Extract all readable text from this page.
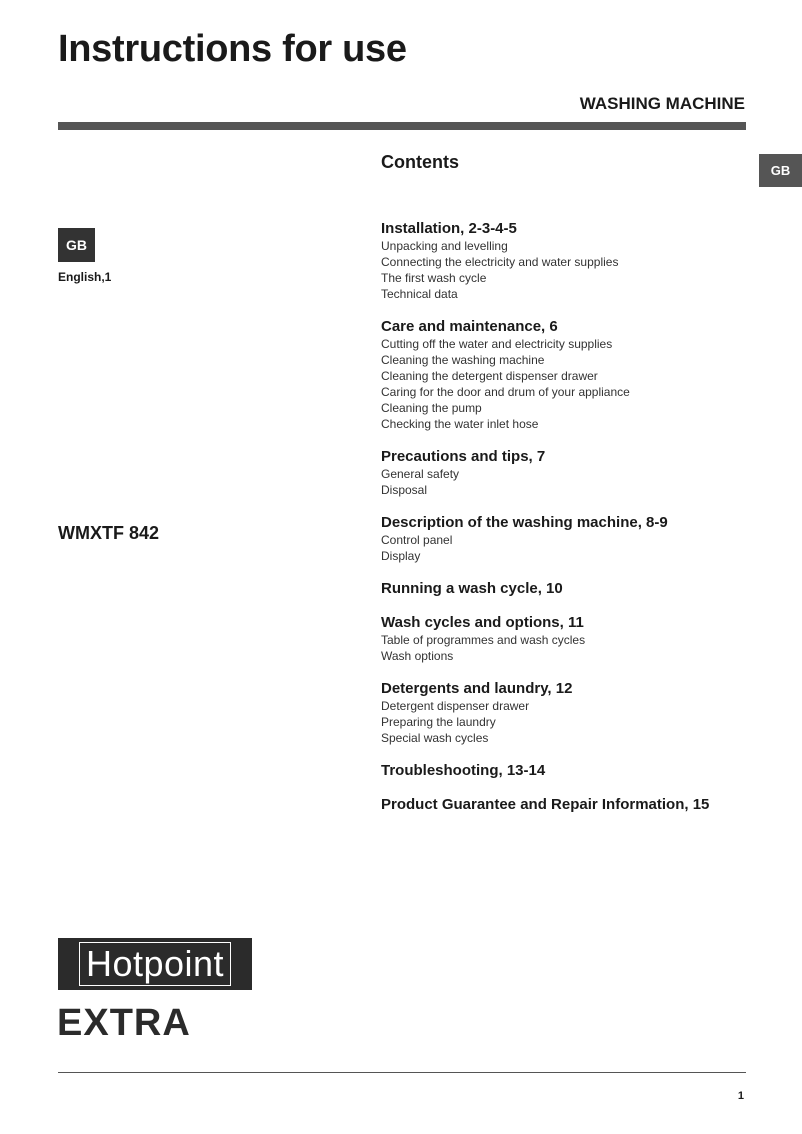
Instructions for use
WASHING MACHINE
GB
GB
English,1
WMXTF 842
Contents
Installation, 2-3-4-5
Unpacking and levelling
Connecting the electricity and water supplies
The first wash cycle
Technical data
Care and maintenance, 6
Cutting off the water and electricity supplies
Cleaning the washing machine
Cleaning the detergent dispenser drawer
Caring for the door and drum of your appliance
Cleaning the pump
Checking the water inlet hose
Precautions and tips, 7
General safety
Disposal
Description of the washing machine, 8-9
Control panel
Display
Running a wash cycle, 10
Wash cycles and options, 11
Table of programmes and wash cycles
Wash options
Detergents and laundry, 12
Detergent dispenser drawer
Preparing the laundry
Special wash cycles
Troubleshooting, 13-14
Product Guarantee and Repair Information, 15
Hotpoint
EXTRA
1
